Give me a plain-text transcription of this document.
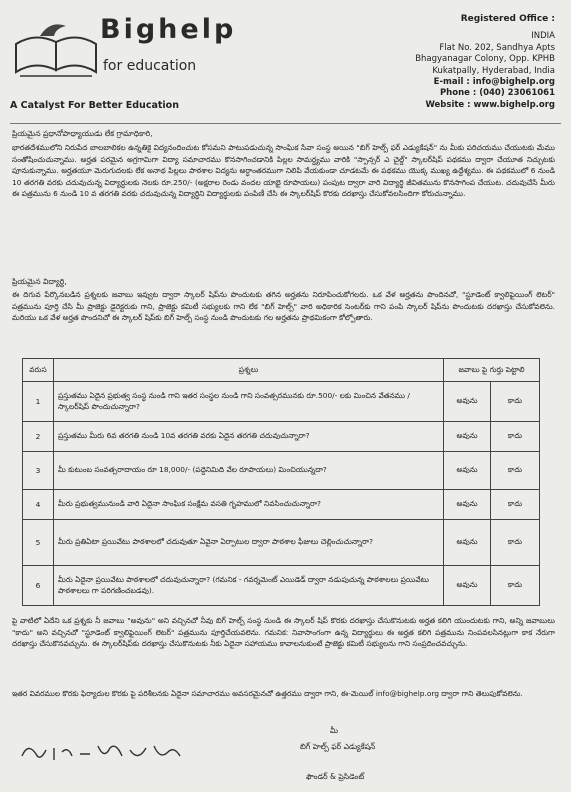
Bighelp
for education
A Catalyst For Better Education
Registered Office :
INDIA
Flat No. 202, Sandhya Apts
Bhagyanagar Colony, Opp. KPHB
Kukatpally, Hyderabad, India
E-mail : info@bighelp.org
Phone : (040) 23061061
Website : www.bighelp.org
ప్రియమైన ప్రధానోపాధ్యాయుడు లేక గ్రామాధికారి,
భారతదేశములోని నిరుపేద బాలబాలికల ఉన్నతికై విద్యనందించుట కోసమని పాటుపడుచున్న సాంఘిక సేవా సంస్థ అయిన "బిగ్ హెల్ప్ ఫర్ ఎడ్యుకేషన్" ను మీకు పరిచయము చేయుటకు మేము సంతోషించుచున్నాము. అర్హత పరమైన అగ్రగామిగా విద్యా సమాచారము కొనసాగించడానికి పిల్లల సామర్థ్యము వారికి "స్పాన్సర్ ఎ చైల్డ్" స్కాలర్‌షిప్ పథకము ద్వారా చేయూత నిచ్చుటకు పూనుకున్నాము. అర్హతయూ మెరుగుదలకు లేక అనాథ పిల్లలు పాఠశాల విద్యను అర్ధాంతరముగా నిలిపి వేయకుండా చూడటమే ఈ పథకము యొక్క ముఖ్య ఉద్దేశ్యము. ఈ పథకములో 6 నుండి 10 తరగతి వరకు చదువుచున్న విద్యార్థులకు నెలకు రూ.250/- (అక్షరాల రెండు వందల యాభై రూపాయలు) పంపుట ద్వారా వారి విద్యార్థి జీవితమును కొనసాగింప చేయుట. చదువుచేసే మీరు ఈ పత్రమును 6 నుండి 10 వ తరగతి వరకు చదువుచున్న విద్యార్థిని విద్యార్థులకు పంపిణీ చేసి ఈ స్కాలర్‌షిప్ కొరకు దరఖాస్తు చేసుకోవలసిందిగా కోరుచున్నాము.
ప్రియమైన విద్యార్థి,
ఈ దిగువ పేర్కొనబడిన ప్రశ్నలకు జవాబు ఇవ్వుట ద్వారా స్కాలర్ షిప్‌ను పొందుటకు తగిన అర్హతను నిరూపించుకోగలరు. ఒక వేళ అర్హతను పొందినచో, "స్టూడెంట్ క్వాలిఫైయింగ్ లెటర్" పత్రమును పూర్తి చేసి మీ ప్రాజెక్టు డైరెక్టరుకు గాని, ప్రాజెక్టు కమిటీ సభ్యులకు గాని లేక "బిగ్ హెల్ప్" వారి అధికారిక సెంటర్‌కు గాని పంపి స్కాలర్ షిప్‌ను పొందుటకు దరఖాస్తు చేసుకోవలెను. మరియు ఒక వేళ అర్హత పొందనిచో ఈ స్కాలర్ షిప్‌కు బిగ్ హెల్ప్ సంస్థ నుండి పొందుటకు గల అర్హతను ప్రాథమికంగా కోల్పోతారు.
వరుస	ప్రశ్నలు	జవాబు పై గుర్తు పెట్టాలి	
1	ప్రస్తుతము ఏదైన ప్రభుత్వ సంస్థ నుండి గాని ఇతర సంస్థల నుండి గాని సంవత్సరమునకు రూ.500/- లకు మించిన వేతనము / స్కాలర్‌షిప్ పొందుచున్నారా?	అవును	కాదు
2	ప్రస్తుతము మీరు 6వ తరగతి నుండి 10వ తరగతి వరకు ఏదైన తరగతి చదువుచున్నారా?	అవును	కాదు
3	మీ కుటుంబ సంవత్సరాదాయం రూ 18,000/- (పద్దెనిమిది వేల రూపాయలు) మించియున్నదా?	అవును	కాదు
4	మీరు ప్రభుత్వమునుండి వారి ఏదైనా సాంఘిక సంక్షేమ వసతి గృహములో నివసించుచున్నారా?	అవును	కాదు
5	మీరు ప్రతిఏటా ప్రయివేటు పాఠశాలలో చదువుతూ ఏవైనా ఏర్పాటుల ద్వారా పాఠశాల ఫీజులు చెల్లించుచున్నారా?	అవును	కాదు
6	మీరు ఏదైనా ప్రయివేటు పాఠశాలలో చదువుచున్నారా? (గమనిక - గవర్నమెంట్ ఎయిడెడ్ ద్వారా నడుపుచున్న పాఠశాలలు ప్రయివేటు పాఠశాలలు గా పరిగణించబడవు).	అవును	కాదు
పై వాటిలో ఏదేని ఒక ప్రశ్నకు నీ జవాబు "అవును" అని వచ్చినచో నీవు బిగ్ హెల్ప్ సంస్థ నుండి ఈ స్కాలర్ షిప్ కొరకు దరఖాస్తు చేసుకొనుటకు అర్హత కలిగి యుందుటకు గాని, అన్ని జవాబులు "కాదు" అని వచ్చినచో "స్టూడెంట్ క్వాలిఫైయింగ్ లెటర్" పత్రమును పూర్తిచేయవలెను. గమనిక: నివాసాంగంగా ఉన్న విద్యార్థులు ఈ అర్హత కలిగి పత్రమును నింపవలసినట్లుగా కాక నేరుగా దరఖాస్తు చేసుకొనవచ్చును. ఈ స్కాలర్‌షిప్‌కు దరఖాస్తు చేసుకొనుటకు నీకు ఏదైనా సహాయము కావాలనుకుంటే ప్రాజెక్టు కమిటీ సభ్యులను గాని సంప్రదించవచ్చును.
ఇతర వివరముల కొరకు ఫిర్యాదుల కొరకు పై పరిశీలనకు ఏదైనా సమాచారము అవసరమైనచో ఉత్తరము ద్వారా గాని, ఈ-మెయిల్ info@bighelp.org ద్వారా గాని తెలుపుకోవలెను.
మీ
బిగ్ హెల్ప్ ఫర్ ఎడ్యుకేషన్
ఫౌండర్ & ప్రెసిడెంట్
